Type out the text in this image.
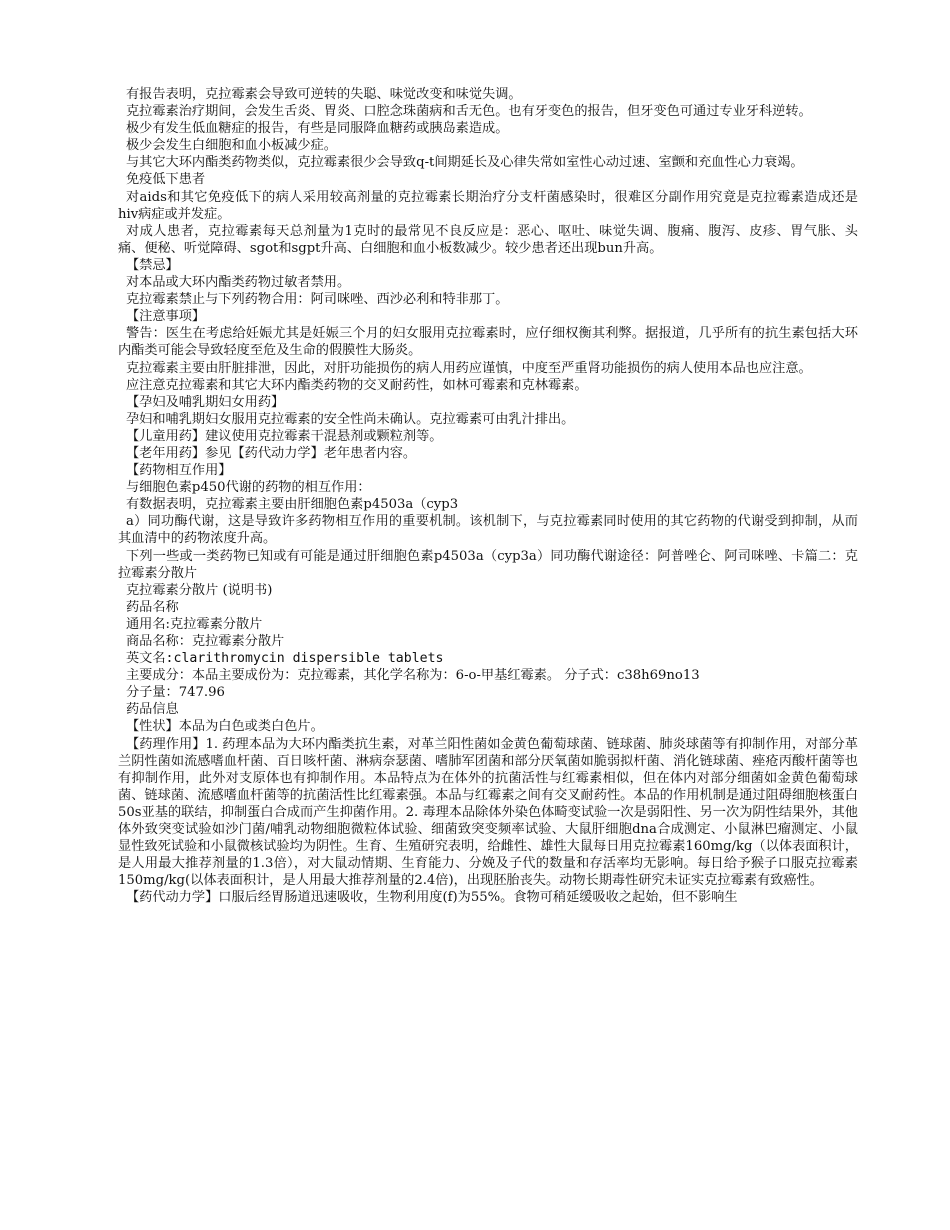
有报告表明，克拉霉素会导致可逆转的失聪、味觉改变和味觉失调。

克拉霉素治疗期间，会发生舌炎、胃炎、口腔念珠菌病和舌无色。也有牙变色的报告，但牙变色可通过专业牙科逆转。

极少有发生低血糖症的报告，有些是同服降血糖药或胰岛素造成。

极少会发生白细胞和血小板减少症。

与其它大环内酯类药物类似，克拉霉素很少会导致q-t间期延长及心律失常如室性心动过速、室颤和充血性心力衰竭。

免疫低下患者

对aids和其它免疫低下的病人采用较高剂量的克拉霉素长期治疗分支杆菌感染时，很难区分副作用究竟是克拉霉素造成还是hiv病症或并发症。

对成人患者，克拉霉素每天总剂量为1克时的最常见不良反应是：恶心、呕吐、味觉失调、腹痛、腹泻、皮疹、胃气胀、头痛、便秘、听觉障碍、sgot和sgpt升高、白细胞和血小板数减少。较少患者还出现bun升高。

【禁忌】

对本品或大环内酯类药物过敏者禁用。

克拉霉素禁止与下列药物合用：阿司咪唑、西沙必利和特非那丁。

【注意事项】

警告：医生在考虑给妊娠尤其是妊娠三个月的妇女服用克拉霉素时，应仔细权衡其利弊。据报道，几乎所有的抗生素包括大环内酯类可能会导致轻度至危及生命的假膜性大肠炎。

克拉霉素主要由肝脏排泄，因此，对肝功能损伤的病人用药应谨慎，中度至严重肾功能损伤的病人使用本品也应注意。

应注意克拉霉素和其它大环内酯类药物的交叉耐药性，如林可霉素和克林霉素。

【孕妇及哺乳期妇女用药】

孕妇和哺乳期妇女服用克拉霉素的安全性尚未确认。克拉霉素可由乳汁排出。

【儿童用药】建议使用克拉霉素干混悬剂或颗粒剂等。

【老年用药】参见【药代动力学】老年患者内容。

【药物相互作用】

与细胞色素p450代谢的药物的相互作用：

有数据表明，克拉霉素主要由肝细胞色素p4503a（cyp3

a）同功酶代谢，这是导致许多药物相互作用的重要机制。该机制下，与克拉霉素同时使用的其它药物的代谢受到抑制，从而其血清中的药物浓度升高。

下列一些或一类药物已知或有可能是通过肝细胞色素p4503a（cyp3a）同功酶代谢途径：阿普唑仑、阿司咪唑、卡篇二：克拉霉素分散片

克拉霉素分散片 (说明书)

药品名称

通用名:克拉霉素分散片

商品名称：克拉霉素分散片

英文名:clarithromycin dispersible tablets

主要成分：本品主要成份为：克拉霉素，其化学名称为：6-o-甲基红霉素。 分子式：c38h69no13

分子量：747.96

药品信息

【性状】本品为白色或类白色片。

【药理作用】1. 药理本品为大环内酯类抗生素，对革兰阳性菌如金黄色葡萄球菌、链球菌、肺炎球菌等有抑制作用，对部分革兰阴性菌如流感嗜血杆菌、百日咳杆菌、淋病奈瑟菌、嗜肺军团菌和部分厌氧菌如脆弱拟杆菌、消化链球菌、痤疮丙酸杆菌等也有抑制作用，此外对支原体也有抑制作用。本品特点为在体外的抗菌活性与红霉素相似，但在体内对部分细菌如金黄色葡萄球菌、链球菌、流感嗜血杆菌等的抗菌活性比红霉素强。本品与红霉素之间有交叉耐药性。本品的作用机制是通过阻碍细胞核蛋白50s亚基的联结，抑制蛋白合成而产生抑菌作用。2. 毒理本品除体外染色体畸变试验一次是弱阳性、另一次为阴性结果外，其他体外致突变试验如沙门菌/哺乳动物细胞微粒体试验、细菌致突变频率试验、大鼠肝细胞dna合成测定、小鼠淋巴瘤测定、小鼠显性致死试验和小鼠微核试验均为阴性。生育、生殖研究表明，给雌性、雄性大鼠每日用克拉霉素160mg/kg（以体表面积计，是人用最大推荐剂量的1.3倍），对大鼠动情期、生育能力、分娩及子代的数量和存活率均无影响。每日给予猴子口服克拉霉素150mg/kg(以体表面积计，是人用最大推荐剂量的2.4倍)，出现胚胎丧失。动物长期毒性研究未证实克拉霉素有致癌性。

【药代动力学】口服后经胃肠道迅速吸收，生物利用度(f)为55%。食物可稍延缓吸收之起始，但不影响生
